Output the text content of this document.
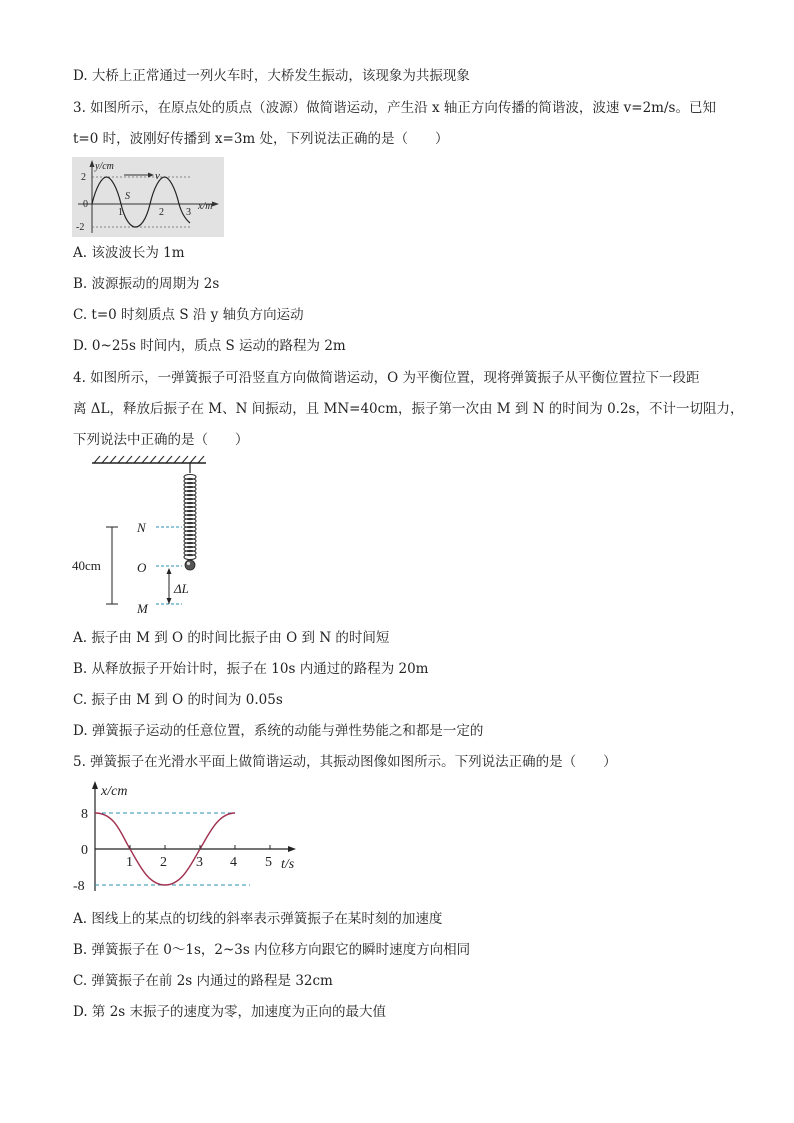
D. 大桥上正常通过一列火车时，大桥发生振动，该现象为共振现象
3. 如图所示，在原点处的质点（波源）做简谐运动，产生沿 x 轴正方向传播的简谐波，波速 v=2m/s。已知
t=0 时，波刚好传播到 x=3m 处，下列说法正确的是（　　）
v
y/cm
x/m
S
2
0
-2
1	2 3
A. 该波波长为 1m
B. 波源振动的周期为 2s
C. t=0 时刻质点 S 沿 y 轴负方向运动
D. 0~25s 时间内，质点 S 运动的路程为 2m
4. 如图所示，一弹簧振子可沿竖直方向做简谐运动，O 为平衡位置，现将弹簧振子从平衡位置拉下一段距
离 ΔL，释放后振子在 M、N 间振动，且 MN=40cm，振子第一次由 M 到 N 的时间为 0.2s，不计一切阻力，
下列说法中正确的是（　　）
40cm
N
O
M
ΔL
A. 振子由 M 到 O 的时间比振子由 O 到 N 的时间短
B. 从释放振子开始计时，振子在 10s 内通过的路程为 20m
C. 振子由 M 到 O 的时间为 0.05s
D. 弹簧振子运动的任意位置，系统的动能与弹性势能之和都是一定的
5. 弹簧振子在光滑水平面上做简谐运动，其振动图像如图所示。下列说法正确的是（　　）
x/cm
t/s
8
0
-8
1 2 3 4 5
A. 图线上的某点的切线的斜率表示弹簧振子在某时刻的加速度
B. 弹簧振子在 0～1s，2~3s 内位移方向跟它的瞬时速度方向相同
C. 弹簧振子在前 2s 内通过的路程是 32cm
D. 第 2s 末振子的速度为零，加速度为正向的最大值
